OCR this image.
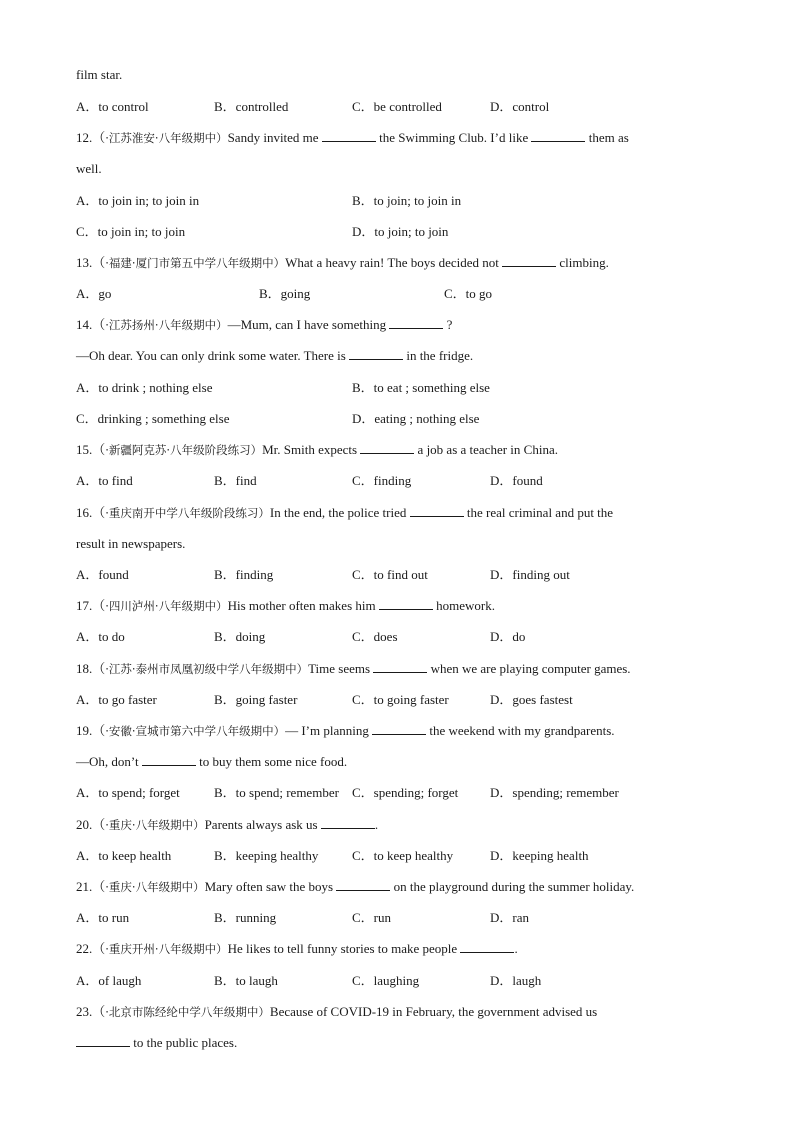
film star.
A．to control	B．controlled	C．be controlled	D．control
12.（·江苏淮安·八年级期中）Sandy invited me	the Swimming Club. I’d like	them as
well.
A．to join in; to join in	B．to join; to join in
C．to join in; to join	D．to join; to join
13.（·福建·厦门市第五中学八年级期中）What a heavy rain! The boys decided not	climbing.
A．go	B．going	C．to go
14.（·江苏扬州·八年级期中）—Mum, can I have something	?
—Oh dear. You can only drink some water. There is	in the fridge.
A．to drink ; nothing else	B．to eat ; something else
C．drinking ; something else	D．eating ; nothing else
15.（·新疆阿克苏·八年级阶段练习）Mr. Smith expects	a job as a teacher in China.
A．to find	B．find	C．finding	D．found
16.（·重庆南开中学八年级阶段练习）In the end, the police tried	the real criminal and put the
result in newspapers.
A．found	B．finding	C．to find out	D．finding out
17.（·四川泸州·八年级期中）His mother often makes him	homework.
A．to do	B．doing	C．does	D．do
18.（·江苏·泰州市凤凰初级中学八年级期中）Time seems	when we are playing computer games.
A．to go faster	B．going faster	C．to going faster	D．goes fastest
19.（·安徽·宣城市第六中学八年级期中）— I’m planning	the weekend with my grandparents.
—Oh, don’t	to buy them some nice food.
A．to spend; forget	B．to spend; remember C．spending; forget D．spending; remember
20.（·重庆·八年级期中）Parents always ask us	.
A．to keep health	B．keeping healthy	C．to keep healthy	D．keeping health
21.（·重庆·八年级期中）Mary often saw the boys	on the playground during the summer holiday.
A．to run	B．running	C．run	D．ran
22.（·重庆开州·八年级期中）He likes to tell funny stories to make people	.
A．of laugh	B．to laugh	C．laughing	D．laugh
23.（·北京市陈经纶中学八年级期中）Because of COVID-19 in February, the government advised us
to the public places.
